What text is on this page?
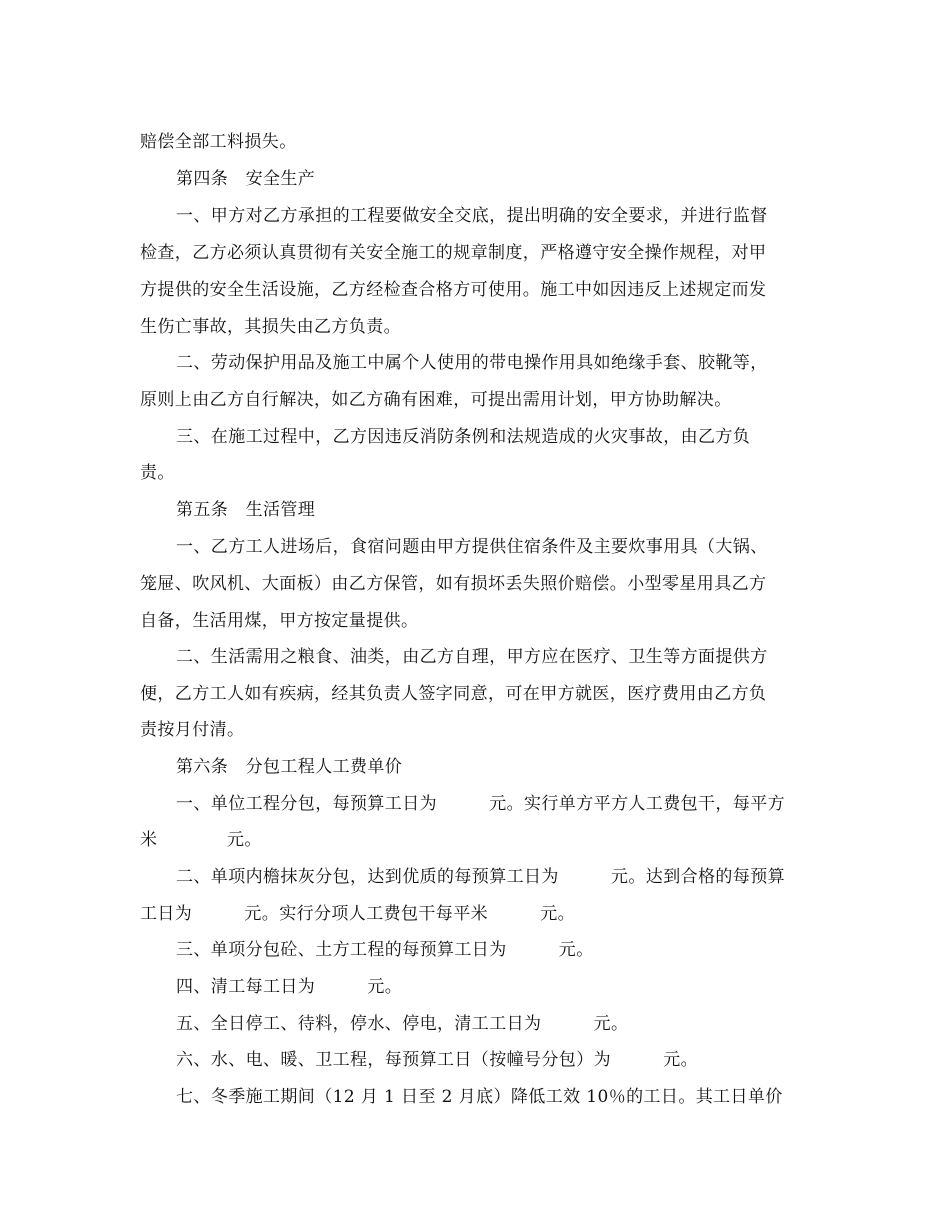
赔偿全部工料损失。
第四条　安全生产
一、甲方对乙方承担的工程要做安全交底，提出明确的安全要求，并进行监督
检查，乙方必须认真贯彻有关安全施工的规章制度，严格遵守安全操作规程，对甲
方提供的安全生活设施，乙方经检查合格方可使用。施工中如因违反上述规定而发
生伤亡事故，其损失由乙方负责。
二、劳动保护用品及施工中属个人使用的带电操作用具如绝缘手套、胶靴等，
原则上由乙方自行解决，如乙方确有困难，可提出需用计划，甲方协助解决。
三、在施工过程中，乙方因违反消防条例和法规造成的火灾事故，由乙方负
责。
第五条　生活管理
一、乙方工人进场后，食宿问题由甲方提供住宿条件及主要炊事用具（大锅、
笼屉、吹风机、大面板）由乙方保管，如有损坏丢失照价赔偿。小型零星用具乙方
自备，生活用煤，甲方按定量提供。
二、生活需用之粮食、油类，由乙方自理，甲方应在医疗、卫生等方面提供方
便，乙方工人如有疾病，经其负责人签字同意，可在甲方就医，医疗费用由乙方负
责按月付清。
第六条　分包工程人工费单价
一、单位工程分包，每预算工日为　　　元。实行单方平方人工费包干，每平方
米　　　　元。
二、单项内檐抹灰分包，达到优质的每预算工日为　　　元。达到合格的每预算
工日为　　　元。实行分项人工费包干每平米　　　元。
三、单项分包砼、土方工程的每预算工日为　　　元。
四、清工每工日为　　　元。
五、全日停工、待料，停水、停电，清工工日为　　　元。
六、水、电、暖、卫工程，每预算工日（按幢号分包）为　　　元。
七、冬季施工期间（12 月 1 日至 2 月底）降低工效 10％的工日。其工日单价
